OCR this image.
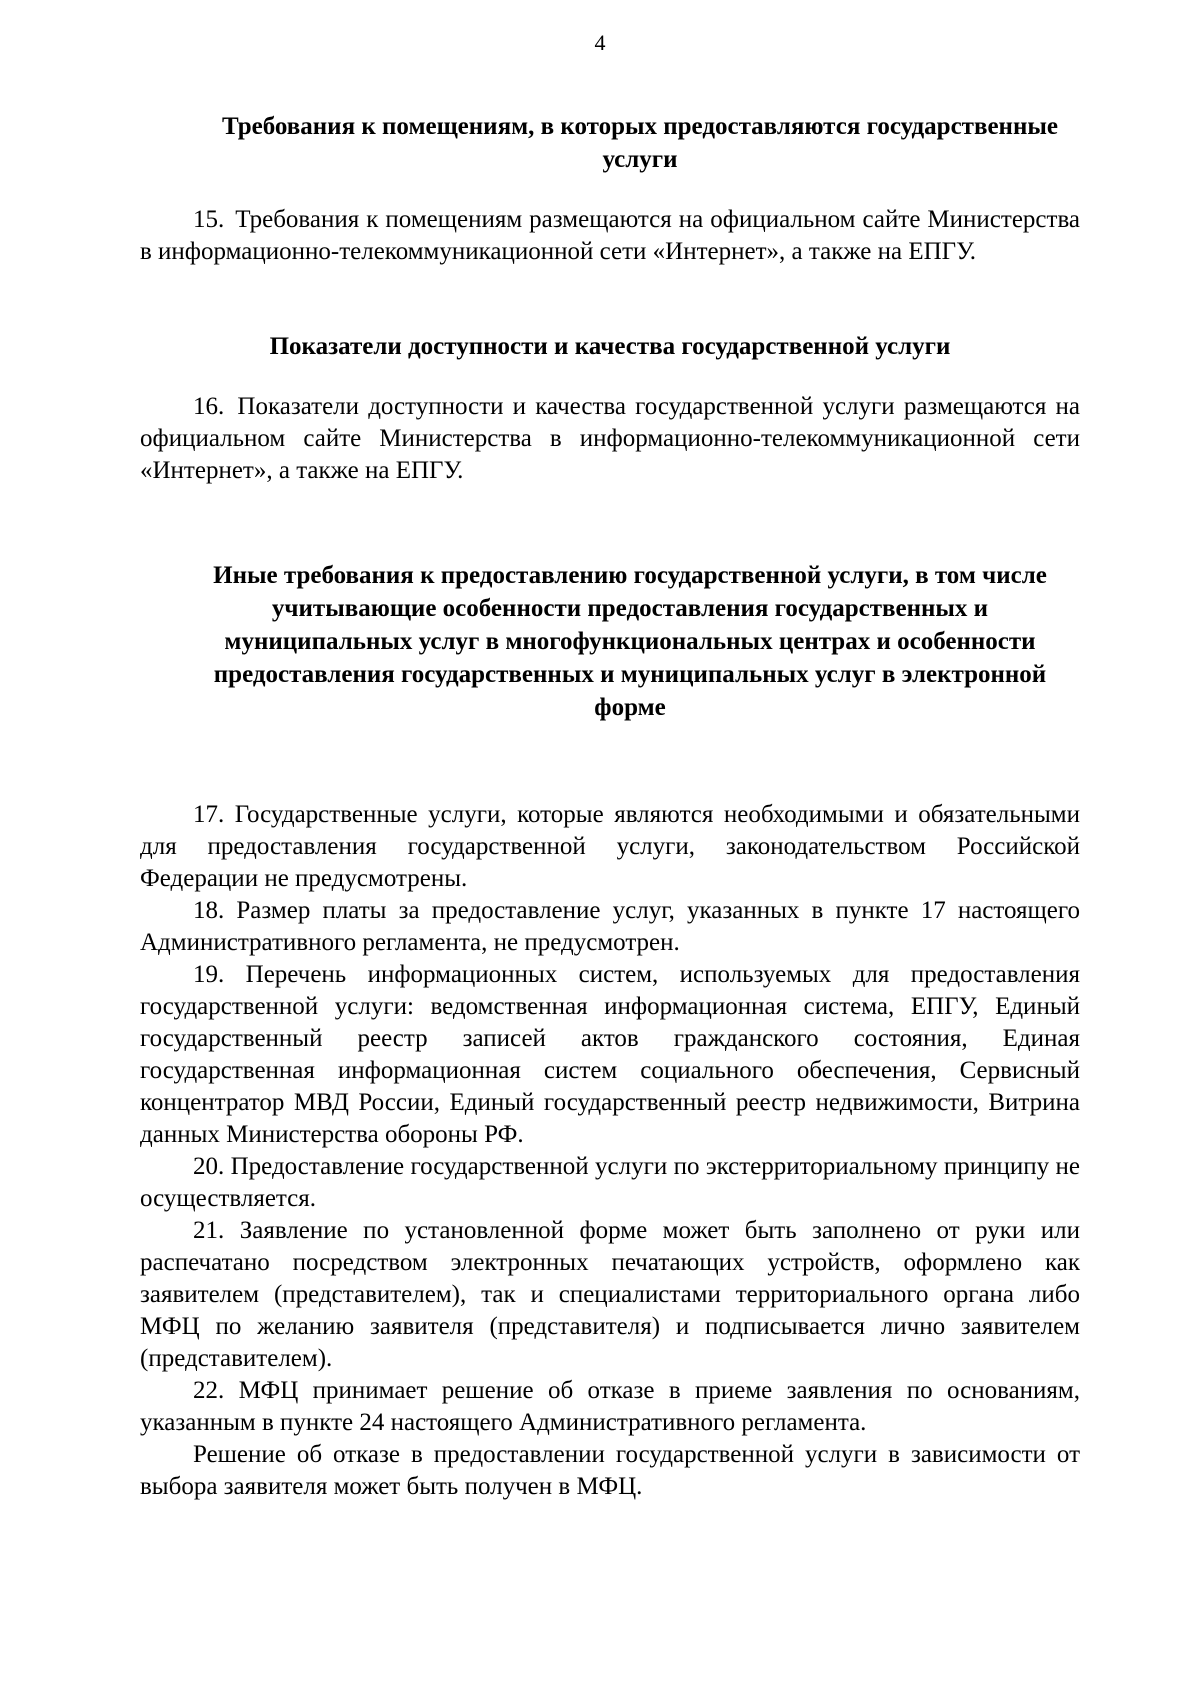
4

Требования к помещениям, в которых предоставляются государственные услуги

15. Требования к помещениям размещаются на официальном сайте Министерства в информационно-телекоммуникационной сети «Интернет», а также на ЕПГУ.

Показатели доступности и качества государственной услуги

16. Показатели доступности и качества государственной услуги размещаются на официальном сайте Министерства в информационно-телекоммуникационной сети «Интернет», а также на ЕПГУ.

Иные требования к предоставлению государственной услуги, в том числе учитывающие особенности предоставления государственных и муниципальных услуг в многофункциональных центрах и особенности предоставления государственных и муниципальных услуг в электронной форме

17. Государственные услуги, которые являются необходимыми и обязательными для предоставления государственной услуги, законодательством Российской Федерации не предусмотрены.

18. Размер платы за предоставление услуг, указанных в пункте 17 настоящего Административного регламента, не предусмотрен.

19. Перечень информационных систем, используемых для предоставления государственной услуги: ведомственная информационная система, ЕПГУ, Единый государственный реестр записей актов гражданского состояния, Единая государственная информационная систем социального обеспечения, Сервисный концентратор МВД России, Единый государственный реестр недвижимости, Витрина данных Министерства обороны РФ.

20. Предоставление государственной услуги по экстерриториальному принципу не осуществляется.

21. Заявление по установленной форме может быть заполнено от руки или распечатано посредством электронных печатающих устройств, оформлено как заявителем (представителем), так и специалистами территориального органа либо МФЦ по желанию заявителя (представителя) и подписывается лично заявителем (представителем).

22. МФЦ принимает решение об отказе в приеме заявления по основаниям, указанным в пункте 24 настоящего Административного регламента.

Решение об отказе в предоставлении государственной услуги в зависимости от выбора заявителя может быть получен в МФЦ.
